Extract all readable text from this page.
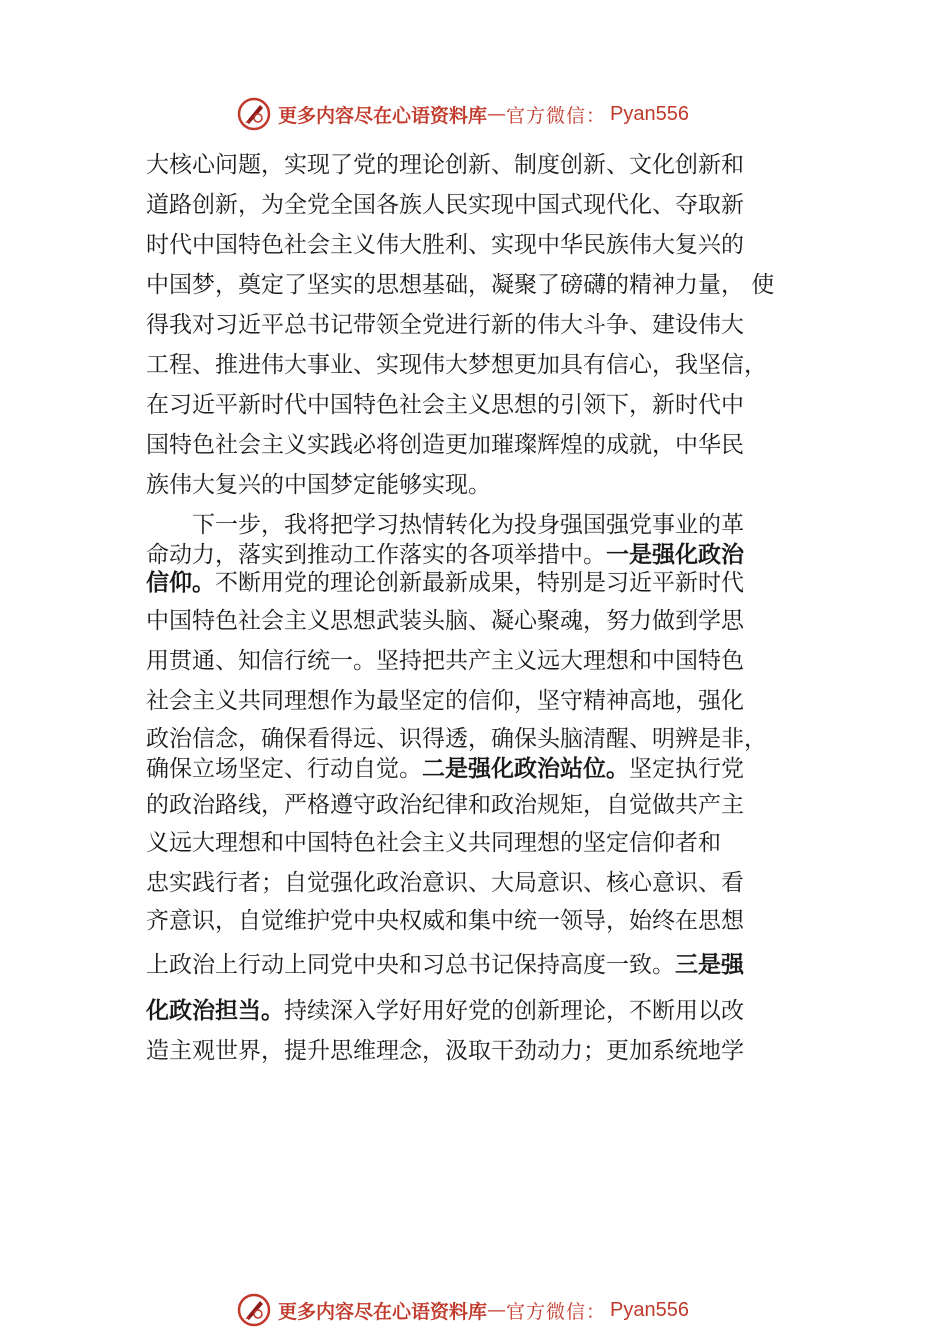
更多内容尽在心语资料库 — 官方微信： Pyan556
大核心问题，实现了党的理论创新、制度创新、文化创新和
道路创新，为全党全国各族人民实现中国式现代化、夺取新
时代中国特色社会主义伟大胜利、实现中华民族伟大复兴的
中国梦，奠定了坚实的思想基础，凝聚了磅礴的精神力量， 使
得我对习近平总书记带领全党进行新的伟大斗争、建设伟大
工程、推进伟大事业、实现伟大梦想更加具有信心，我坚信，
在习近平新时代中国特色社会主义思想的引领下，新时代中
国特色社会主义实践必将创造更加璀璨辉煌的成就，中华民
族伟大复兴的中国梦定能够实现。
　　下一步，我将把学习热情转化为投身强国强党事业的革
命动力，落实到推动工作落实的各项举措中。一是强化政治
信仰。不断用党的理论创新最新成果，特别是习近平新时代
中国特色社会主义思想武装头脑、凝心聚魂，努力做到学思
用贯通、知信行统一。坚持把共产主义远大理想和中国特色
社会主义共同理想作为最坚定的信仰，坚守精神高地，强化
政治信念，确保看得远、识得透，确保头脑清醒、明辨是非，
确保立场坚定、行动自觉。二是强化政治站位。坚定执行党
的政治路线，严格遵守政治纪律和政治规矩，自觉做共产主
义远大理想和中国特色社会主义共同理想的坚定信仰者和
忠实践行者；自觉强化政治意识、大局意识、核心意识、看
齐意识，自觉维护党中央权威和集中统一领导，始终在思想
上政治上行动上同党中央和习总书记保持高度一致。三是强
化政治担当。持续深入学好用好党的创新理论，不断用以改
造主观世界，提升思维理念，汲取干劲动力；更加系统地学
更多内容尽在心语资料库 — 官方微信： Pyan556
